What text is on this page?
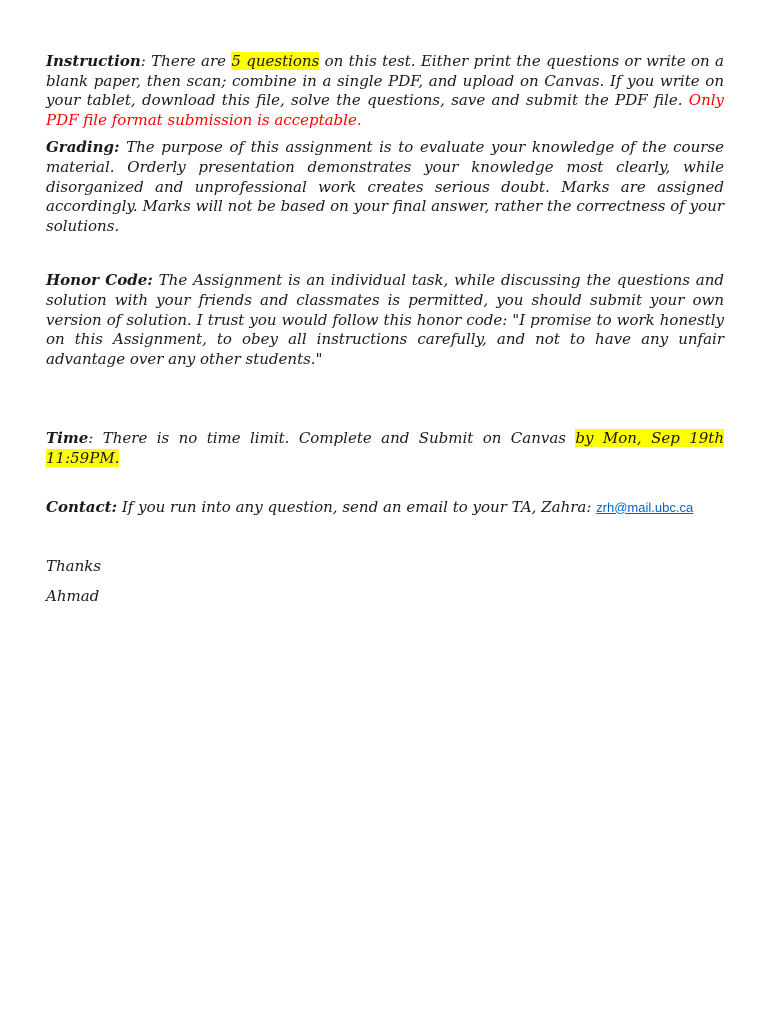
Instruction: There are 5 questions on this test. Either print the questions or write on a blank paper, then scan; combine in a single PDF, and upload on Canvas. If you write on your tablet, download this file, solve the questions, save and submit the PDF file. Only PDF file format submission is acceptable.

Grading: The purpose of this assignment is to evaluate your knowledge of the course material. Orderly presentation demonstrates your knowledge most clearly, while disorganized and unprofessional work creates serious doubt. Marks are assigned accordingly. Marks will not be based on your final answer, rather the correctness of your solutions.

Honor Code: The Assignment is an individual task, while discussing the questions and solution with your friends and classmates is permitted, you should submit your own version of solution. I trust you would follow this honor code: "I promise to work honestly on this Assignment, to obey all instructions carefully, and not to have any unfair advantage over any other students."

Time: There is no time limit. Complete and Submit on Canvas by Mon, Sep 19th 11:59PM.

Contact: If you run into any question, send an email to your TA, Zahra: zrh@mail.ubc.ca

Thanks

Ahmad
